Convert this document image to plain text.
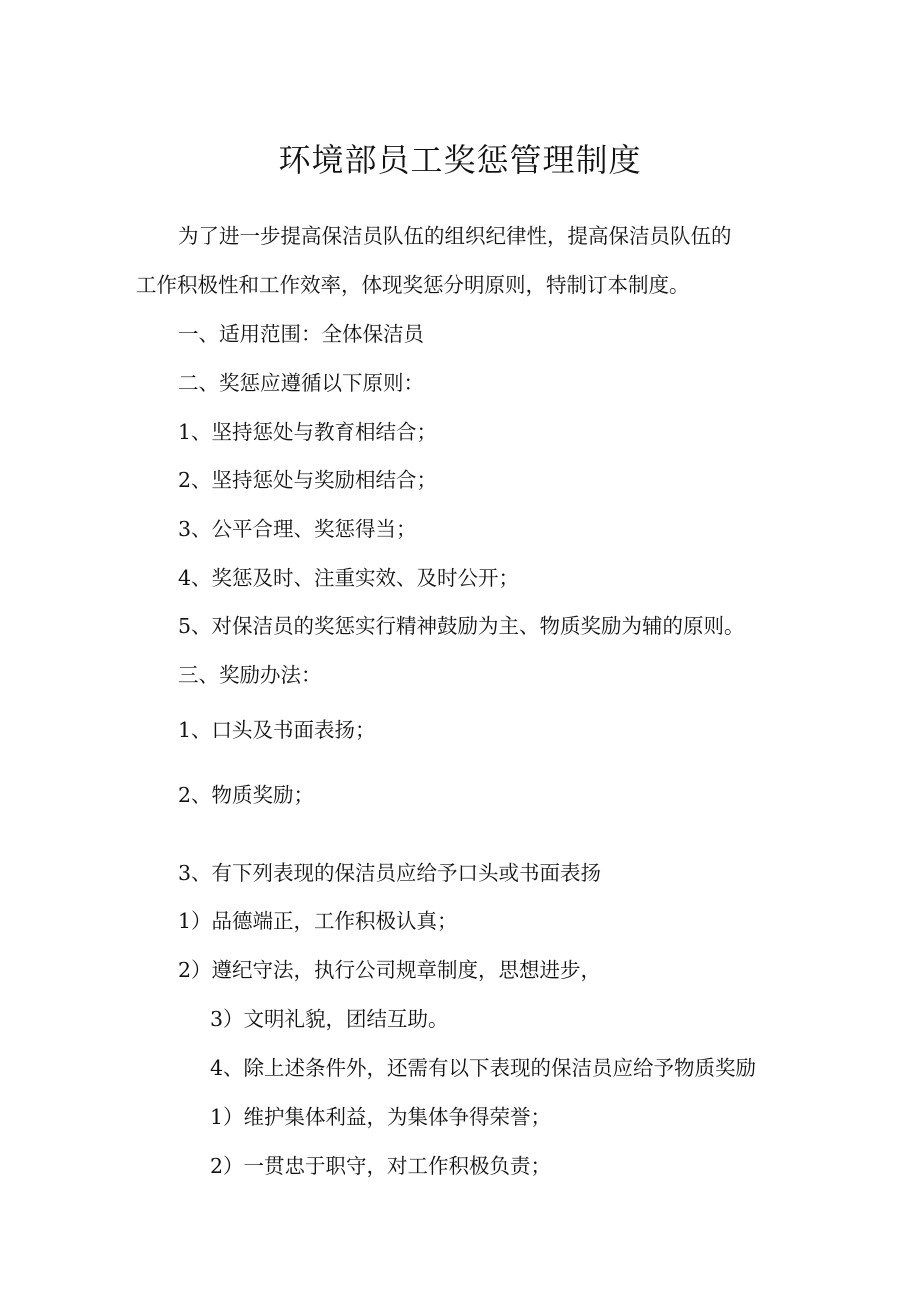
环境部员工奖惩管理制度
为了进一步提高保洁员队伍的组织纪律性，提高保洁员队伍的
工作积极性和工作效率，体现奖惩分明原则，特制订本制度。
一、适用范围：全体保洁员
二、奖惩应遵循以下原则：
1、坚持惩处与教育相结合；
2、坚持惩处与奖励相结合；
3、公平合理、奖惩得当；
4、奖惩及时、注重实效、及时公开；
5、对保洁员的奖惩实行精神鼓励为主、物质奖励为辅的原则。
三、奖励办法：
1、口头及书面表扬；
2、物质奖励；
3、有下列表现的保洁员应给予口头或书面表扬
1）品德端正，工作积极认真；
2）遵纪守法，执行公司规章制度，思想进步，
3）文明礼貌，团结互助。
4、除上述条件外，还需有以下表现的保洁员应给予物质奖励
1）维护集体利益，为集体争得荣誉；
2）一贯忠于职守，对工作积极负责；
